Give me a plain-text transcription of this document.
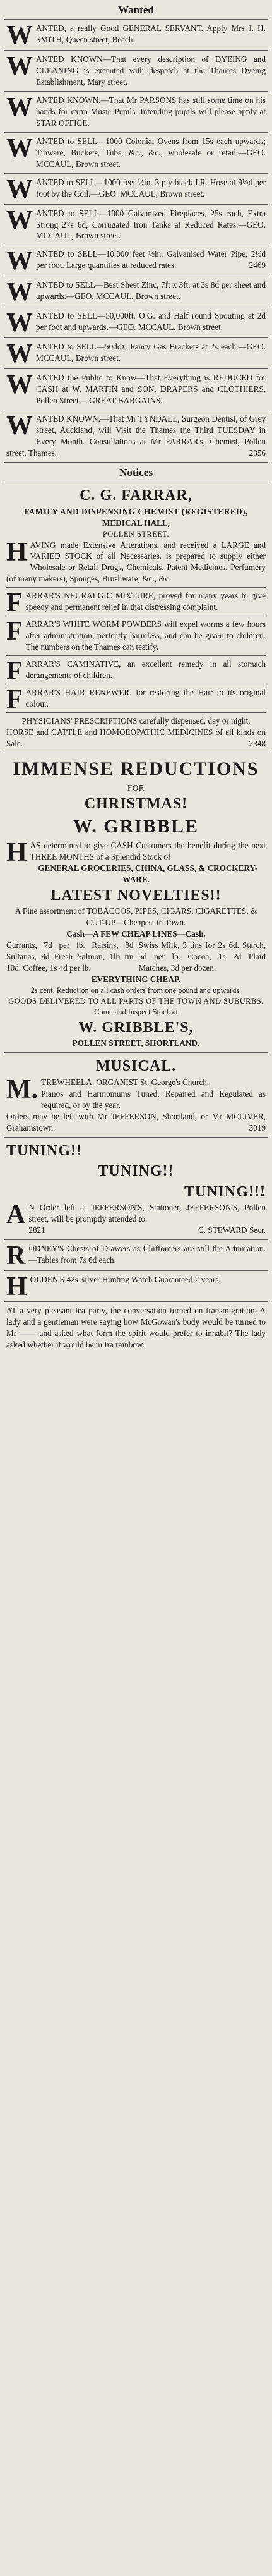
Wanted

WANTED, a really Good GENERAL SERVANT. Apply Mrs J. H. SMITH, Queen street, Beach.

WANTED KNOWN—That every description of DYEING and CLEANING is executed with despatch at the Thames Dyeing Establishment, Mary street.

WANTED KNOWN.—That Mr PARSONS has still some time on his hands for extra Music Pupils. Intending pupils will please apply at STAR OFFICE.

WANTED to SELL—1000 Colonial Ovens from 15s each upwards; Tinware, Buckets, Tubs, &c., &c., wholesale or retail.—GEO. MCCAUL, Brown street.

WANTED to SELL—1000 feet ½in. 3 ply black I.R. Hose at 9½d per foot by the Coil.—GEO. MCCAUL, Brown street.

WANTED to SELL—1000 Galvanized Fireplaces, 25s each, Extra Strong 27s 6d; Corrugated Iron Tanks at Reduced Rates.—GEO. MCCAUL, Brown street.

WANTED to SELL—10,000 feet ½in. Galvanised Water Pipe, 2½d per foot. Large quantities at reduced rates.	2469

WANTED to SELL—Best Sheet Zinc, 7ft x 3ft, at 3s 8d per sheet and upwards.—GEO. MCCAUL, Brown street.

WANTED to SELL—50,000ft. O.G. and Half round Spouting at 2d per foot and upwards.—GEO. MCCAUL, Brown street.

WANTED to SELL—50doz. Fancy Gas Brackets at 2s each.—GEO. MCCAUL, Brown street.

WANTED the Public to Know—That Everything is REDUCED for CASH at W. MARTIN and SON, DRAPERS and CLOTHIERS, Pollen Street.—GREAT BARGAINS.

WANTED KNOWN.—That Mr TYNDALL, Surgeon Dentist, of Grey street, Auckland, will Visit the Thames the Third TUESDAY in Every Month. Consultations at Mr FARRAR's, Chemist, Pollen street, Thames.	2356

Notices
C. G. FARRAR,
FAMILY AND DISPENSING CHEMIST (REGISTERED),
MEDICAL HALL,
POLLEN STREET.

HAVING made Extensive Alterations, and received a LARGE and VARIED STOCK of all Necessaries, is prepared to supply either Wholesale or Retail Drugs, Chemicals, Patent Medicines, Perfumery (of many makers), Sponges, Brushware, &c., &c.

FARRAR'S NEURALGIC MIXTURE, proved for many years to give speedy and permanent relief in that distressing complaint.

FARRAR'S WHITE WORM POWDERS will expel worms a few hours after administration; perfectly harmless, and can be given to children. The numbers on the Thames can testify.

FARRAR'S CAMINATIVE, an excellent remedy in all stomach derangements of children.

FARRAR'S HAIR RENEWER, for restoring the Hair to its original colour.

PHYSICIANS' PRESCRIPTIONS carefully dispensed, day or night.

HORSE and CATTLE and HOMOEOPATHIC MEDICINES of all kinds on Sale.	2348

IMMENSE REDUCTIONS
FOR
CHRISTMAS!
W. GRIBBLE

HAS determined to give CASH Customers the benefit during the next THREE MONTHS of a Splendid Stock of

GENERAL GROCERIES, CHINA, GLASS, & CROCKERY-WARE.

LATEST NOVELTIES!!

A Fine assortment of TOBACCOS, PIPES, CIGARS, CIGARETTES, & CUT-UP—Cheapest in Town.

Cash—A FEW CHEAP LINES—Cash.

Currants, 7d per lb. Raisins, 8d Sultanas, 9d Fresh Salmon, 1lb tin 10d. Coffee, 1s 4d per lb.
Swiss Milk, 3 tins for 2s 6d. Starch, 5d per lb. Cocoa, 1s 2d Plaid Matches, 3d per dozen.

EVERYTHING CHEAP.

2s cent. Reduction on all cash orders from one pound and upwards.

GOODS DELIVERED TO ALL PARTS OF THE TOWN AND SUBURBS.

Come and Inspect Stock at

W. GRIBBLE'S,

POLLEN STREET, SHORTLAND.

MUSICAL.

M. TREWHEELA, ORGANIST St. George's Church.

Pianos and Harmoniums Tuned, Repaired and Regulated as required, or by the year.

Orders may be left with Mr JEFFERSON, Shortland, or Mr MCLIVER, Grahamstown.	3019

TUNING!!
TUNING!!
TUNING!!!

A N Order left at JEFFERSON'S, Stationer, JEFFERSON'S, Pollen street, will be promptly attended to.

2821	C. STEWARD Secr.

RODNEY'S Chests of Drawers as Chiffoniers are still the Admiration.—Tables from 7s 6d each.

HOLDEN'S 42s Silver Hunting Watch Guaranteed 2 years.

AT a very pleasant tea party, the conversation turned on transmigration. A lady and a gentleman were saying how McGowan's body would be turned to Mr —— and asked what form the spirit would prefer to inhabit? The lady asked whether it would be in Ira rainbow.
